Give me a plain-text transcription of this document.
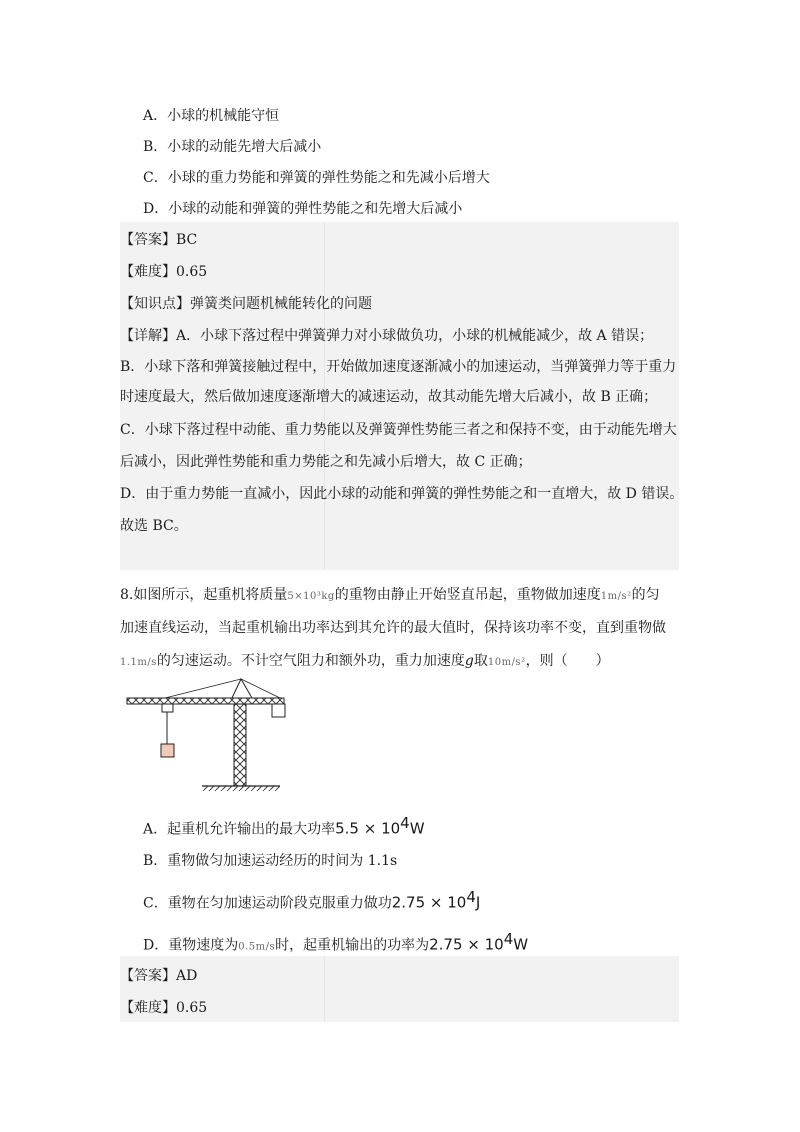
A．小球的机械能守恒
B．小球的动能先增大后减小
C．小球的重力势能和弹簧的弹性势能之和先减小后增大
D．小球的动能和弹簧的弹性势能之和先增大后减小
【答案】BC
【难度】0.65
【知识点】弹簧类问题机械能转化的问题
【详解】A．小球下落过程中弹簧弹力对小球做负功，小球的机械能减少，故 A 错误；
B．小球下落和弹簧接触过程中，开始做加速度逐渐减小的加速运动，当弹簧弹力等于重力
时速度最大，然后做加速度逐渐增大的减速运动，故其动能先增大后减小，故 B 正确；
C．小球下落过程中动能、重力势能以及弹簧弹性势能三者之和保持不变，由于动能先增大
后减小，因此弹性势能和重力势能之和先减小后增大，故 C 正确；
D．由于重力势能一直减小，因此小球的动能和弹簧的弹性势能之和一直增大，故 D 错误。
故选 BC。
8.如图所示，起重机将质量5×10³kg的重物由静止开始竖直吊起，重物做加速度1m/s²的匀
加速直线运动，当起重机输出功率达到其允许的最大值时，保持该功率不变，直到重物做
1.1m/s的匀速运动。不计空气阻力和额外功，重力加速度g取10m/s²，则（　　）
A．起重机允许输出的最大功率$5.5 \times 10^4W$
B．重物做匀加速运动经历的时间为 1.1s
C．重物在匀加速运动阶段克服重力做功$2.75 \times 10^4J$
D．重物速度为0.5m/s时，起重机输出的功率为$2.75 \times 10^4W$
【答案】AD
【难度】0.65
